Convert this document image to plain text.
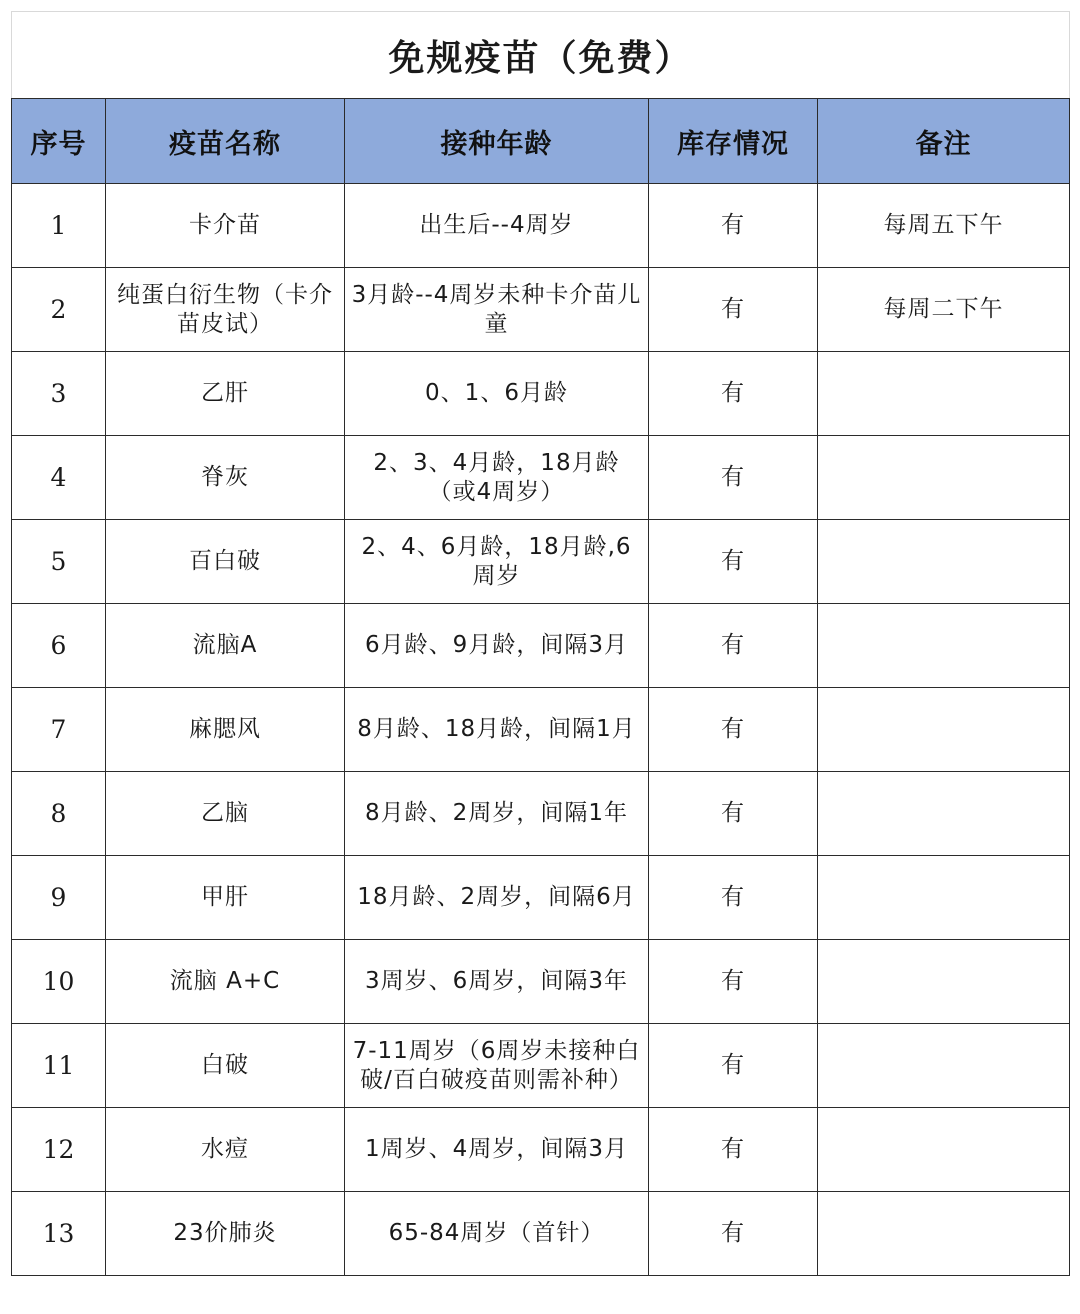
免规疫苗（免费）				
序号	疫苗名称	接种年龄	库存情况	备注
1	卡介苗	出生后--4周岁	有	每周五下午
2	纯蛋白衍生物（卡介苗皮试）	3月龄--4周岁未种卡介苗儿童	有	每周二下午
3	乙肝	0、1、6月龄	有	
4	脊灰	2、3、4月龄，18月龄（或4周岁）	有	
5	百白破	2、4、6月龄，18月龄,6周岁	有	
6	流脑A	6月龄、9月龄，间隔3月	有	
7	麻腮风	8月龄、18月龄，间隔1月	有	
8	乙脑	8月龄、2周岁，间隔1年	有	
9	甲肝	18月龄、2周岁，间隔6月	有	
10	流脑 A+C	3周岁、6周岁，间隔3年	有	
11	白破	7-11周岁（6周岁未接种白破/百白破疫苗则需补种）	有	
12	水痘	1周岁、4周岁，间隔3月	有	
13	23价肺炎	65-84周岁（首针）	有	
